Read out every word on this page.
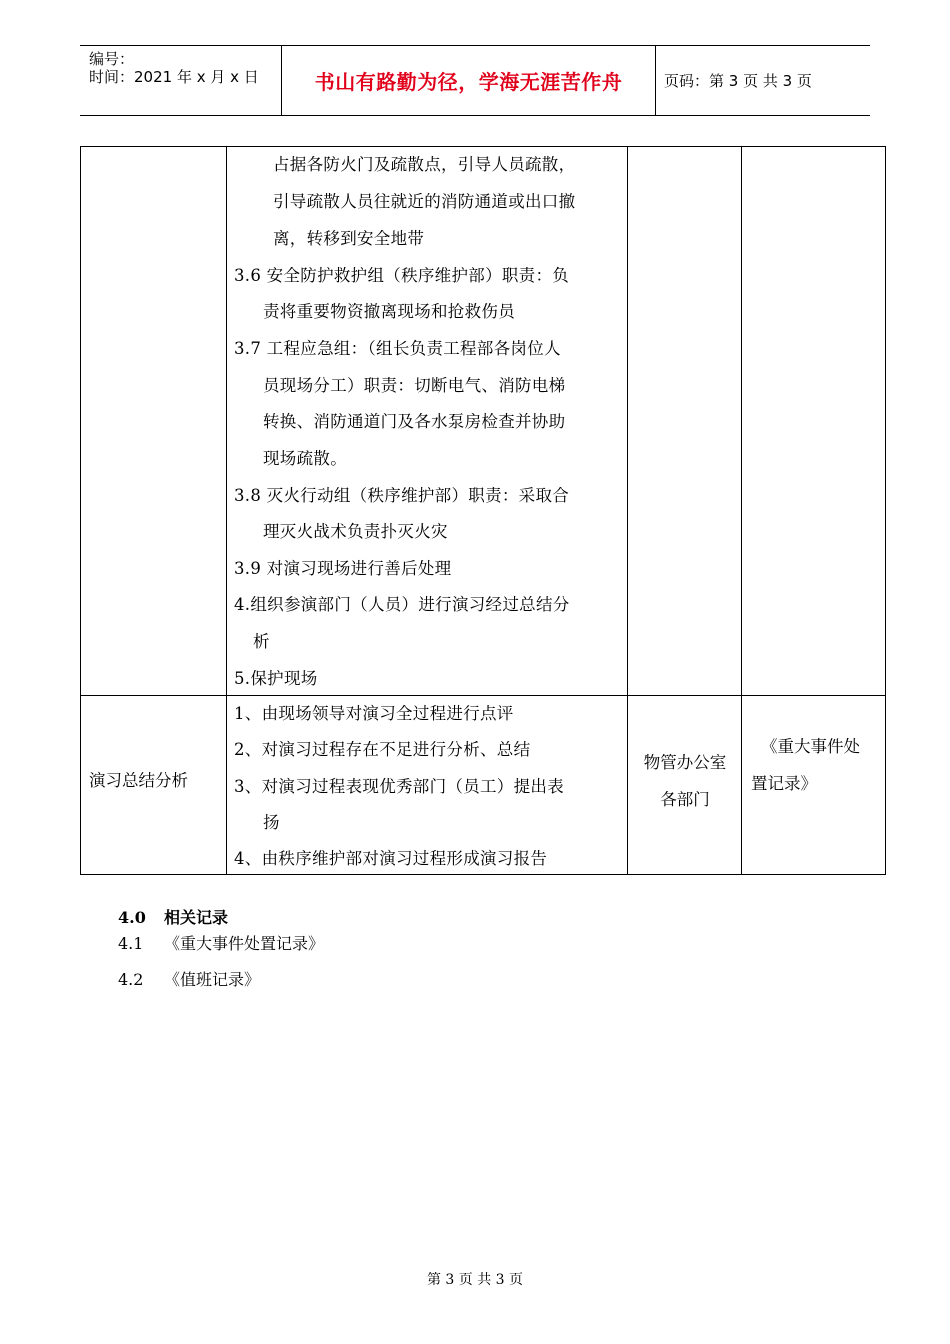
编号：
时间：2021 年 x 月 x 日	书山有路勤为径，学海无涯苦作舟	页码：第 3 页 共 3 页
占据各防火门及疏散点，引导人员疏散，
引导疏散人员往就近的消防通道或出口撤
离，转移到安全地带
3.6 安全防护救护组（秩序维护部）职责：负
责将重要物资撤离现场和抢救伤员
3.7 工程应急组：（组长负责工程部各岗位人
员现场分工）职责：切断电气、消防电梯
转换、消防通道门及各水泵房检查并协助
现场疏散。
3.8 灭火行动组（秩序维护部）职责：采取合
理灭火战术负责扑灭火灾
3.9 对演习现场进行善后处理
4.组织参演部门（人员）进行演习经过总结分
析
5.保护现场
1、由现场领导对演习全过程进行点评
2、对演习过程存在不足进行分析、总结
3、对演习过程表现优秀部门（员工）提出表
扬
4、由秩序维护部对演习过程形成演习报告
演习总结分析
物管办公室
各部门
《重大事件处
置记录》
4.0 相关记录
4.1 《重大事件处置记录》
4.2 《值班记录》
第 3 页 共 3 页
